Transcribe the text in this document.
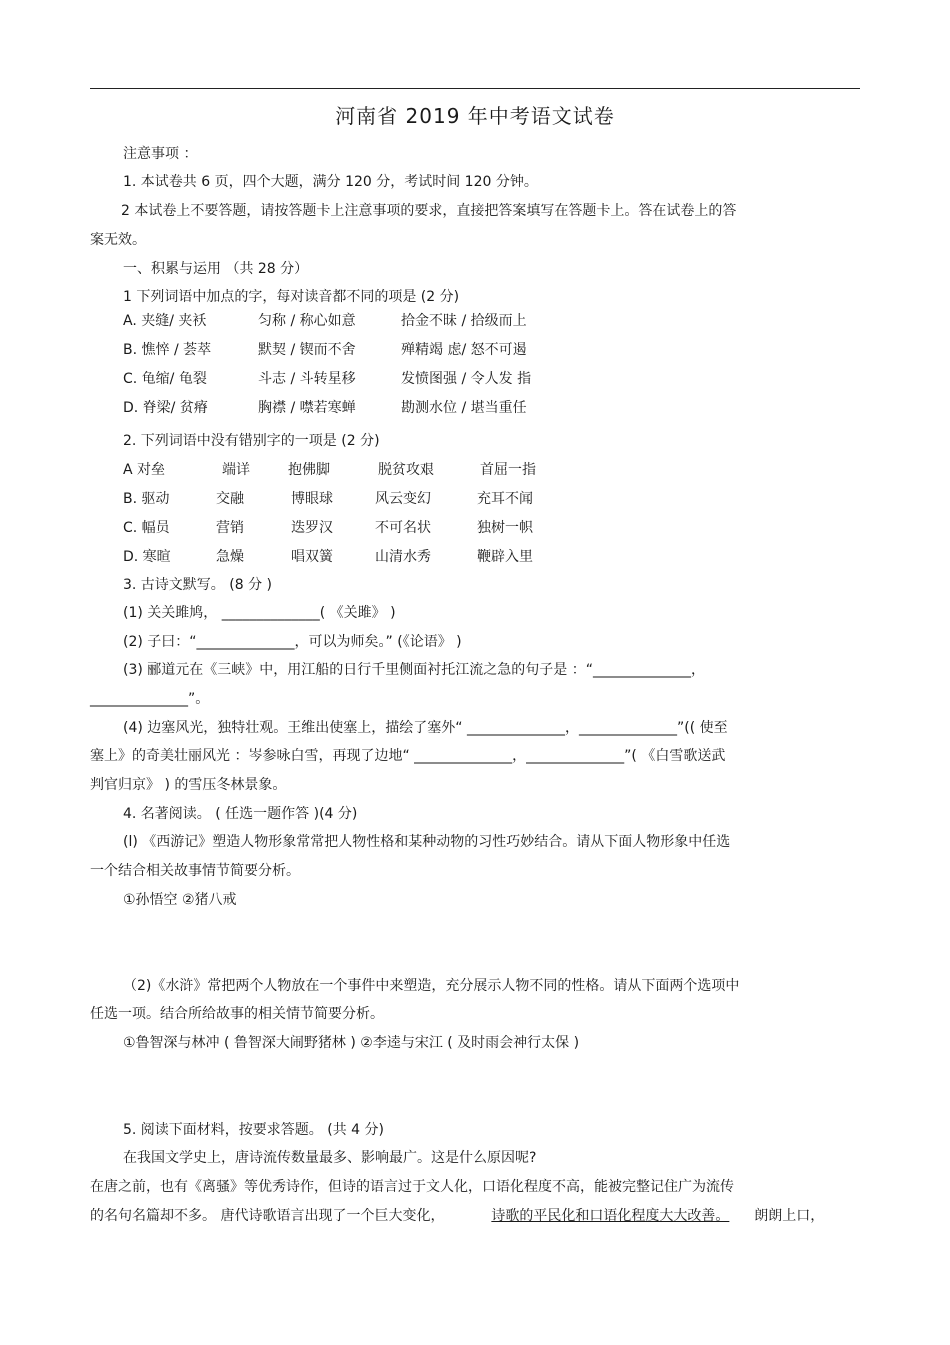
河南省 2019 年中考语文试卷
注意事项 ：
1. 本试卷共 6 页，四个大题，满分 120 分，考试时间 120 分钟。
2 本试卷上不要答题，请按答题卡上注意事项的要求，直接把答案填写在答题卡上。答在试卷上的答
案无效。
一、积累与运用 （共 28 分）
1 下列词语中加点的字，每对读音都不同的项是 (2 分)
A. 夹缝/ 夹袄	匀称 / 称心如意	拾金不昧 / 拾级而上
B. 憔悴 / 荟萃	默契 / 锲而不舍	殚精竭 虑/ 怒不可遏
C. 龟缩/ 龟裂	斗志 / 斗转星移	发愤图强 / 令人发 指
D. 脊梁/ 贫瘠	胸襟 / 噤若寒蝉	勘测水位 / 堪当重任
2. 下列词语中没有错别字的一项是 (2 分)
A 对垒	端详	抱佛脚	脱贫攻艰	首屈一指
B. 驱动	交融	博眼球	风云变幻	充耳不闻
C. 幅员	营销	迭罗汉	不可名状	独树一帜
D. 寒暄	急燥	唱双簧	山清水秀	鞭辟入里
3. 古诗文默写。 (8 分 )
(1) 关关雎鸠， ______________( 《关雎》 )
(2) 子曰：“______________，可以为师矣。” (《论语》 )
(3) 郦道元在《三峡》中，用江船的日行千里侧面衬托江流之急的句子是 ：“______________，
______________”。
(4) 边塞风光，独特壮观。王维出使塞上，描绘了塞外“ ______________，______________”(( 使至
塞上》的奇美壮丽风光 ：岑参咏白雪，再现了边地“ ______________，______________”( 《白雪歌送武
判官归京》 ) 的雪压冬林景象。
4. 名著阅读。 ( 任选一题作答 )(4 分)
(l) 《西游记》塑造人物形象常常把人物性格和某种动物的习性巧妙结合。请从下面人物形象中任选
一个结合相关故事情节简要分析。
①孙悟空 ②猪八戒
（2)《水浒》常把两个人物放在一个事件中来塑造，充分展示人物不同的性格。请从下面两个选项中
任选一项。结合所给故事的相关情节简要分析。
①鲁智深与林冲 ( 鲁智深大闹野猪林 ) ②李逵与宋江 ( 及时雨会神行太保 )
5. 阅读下面材料，按要求答题。 (共 4 分)
在我国文学史上，唐诗流传数量最多、影响最广。这是什么原因呢?
在唐之前，也有《离骚》等优秀诗作，但诗的语言过于文人化，口语化程度不高，能被完整记住广为流传
的名句名篇却不多。 唐代诗歌语言出现了一个巨大变化，	诗歌的平民化和口语化程度大大改善。 朗朗上口，
